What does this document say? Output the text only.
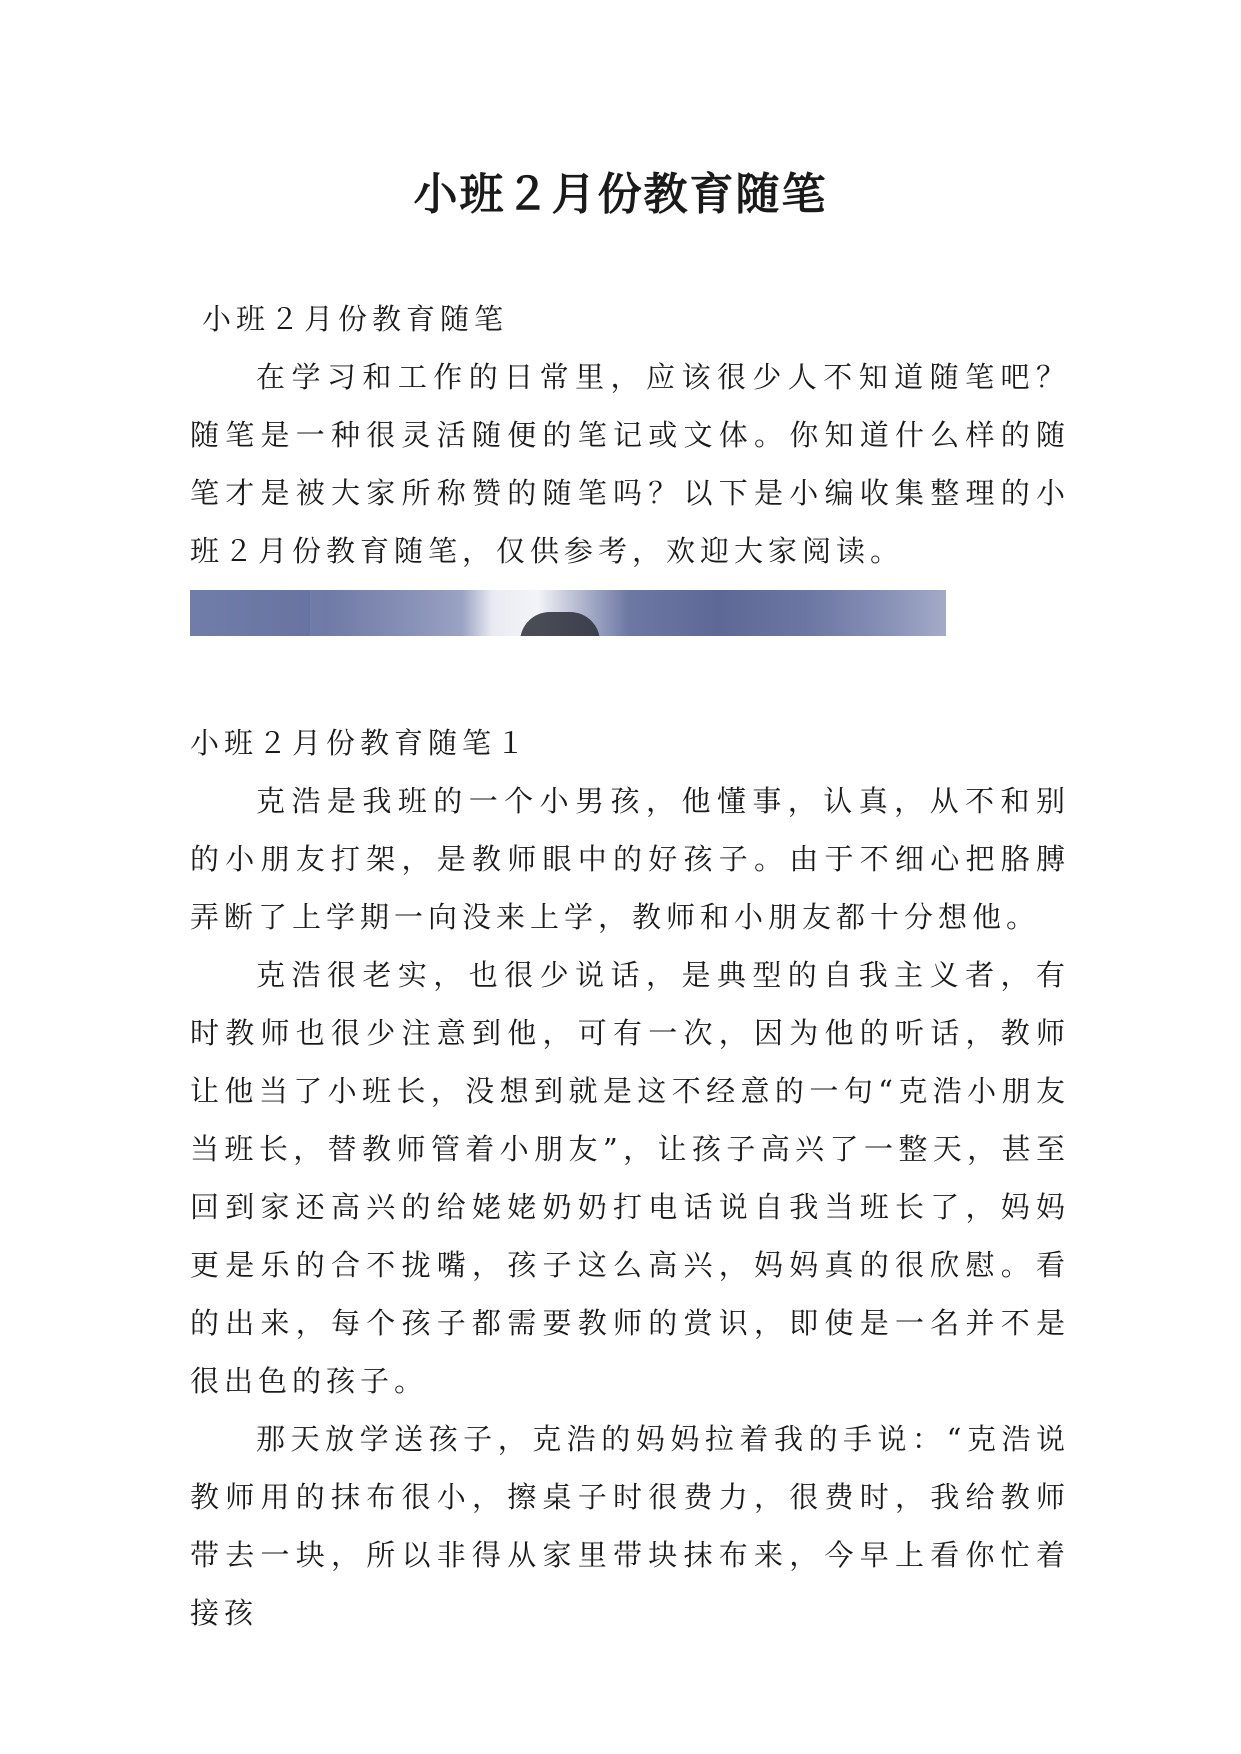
小班２月份教育随笔

小班２月份教育随笔

在学习和工作的日常里，应该很少人不知道随笔吧？随笔是一种很灵活随便的笔记或文体。你知道什么样的随笔才是被大家所称赞的随笔吗？以下是小编收集整理的小班２月份教育随笔，仅供参考，欢迎大家阅读。

小班２月份教育随笔１

克浩是我班的一个小男孩，他懂事，认真，从不和别的小朋友打架，是教师眼中的好孩子。由于不细心把胳膊弄断了上学期一向没来上学，教师和小朋友都十分想他。

克浩很老实，也很少说话，是典型的自我主义者，有时教师也很少注意到他，可有一次，因为他的听话，教师让他当了小班长，没想到就是这不经意的一句“克浩小朋友当班长，替教师管着小朋友”，让孩子高兴了一整天，甚至回到家还高兴的给姥姥奶奶打电话说自我当班长了，妈妈更是乐的合不拢嘴，孩子这么高兴，妈妈真的很欣慰。看的出来，每个孩子都需要教师的赏识，即使是一名并不是很出色的孩子。

那天放学送孩子，克浩的妈妈拉着我的手说：“克浩说教师用的抹布很小，擦桌子时很费力，很费时，我给教师带去一块，所以非得从家里带块抹布来，今早上看你忙着接孩
